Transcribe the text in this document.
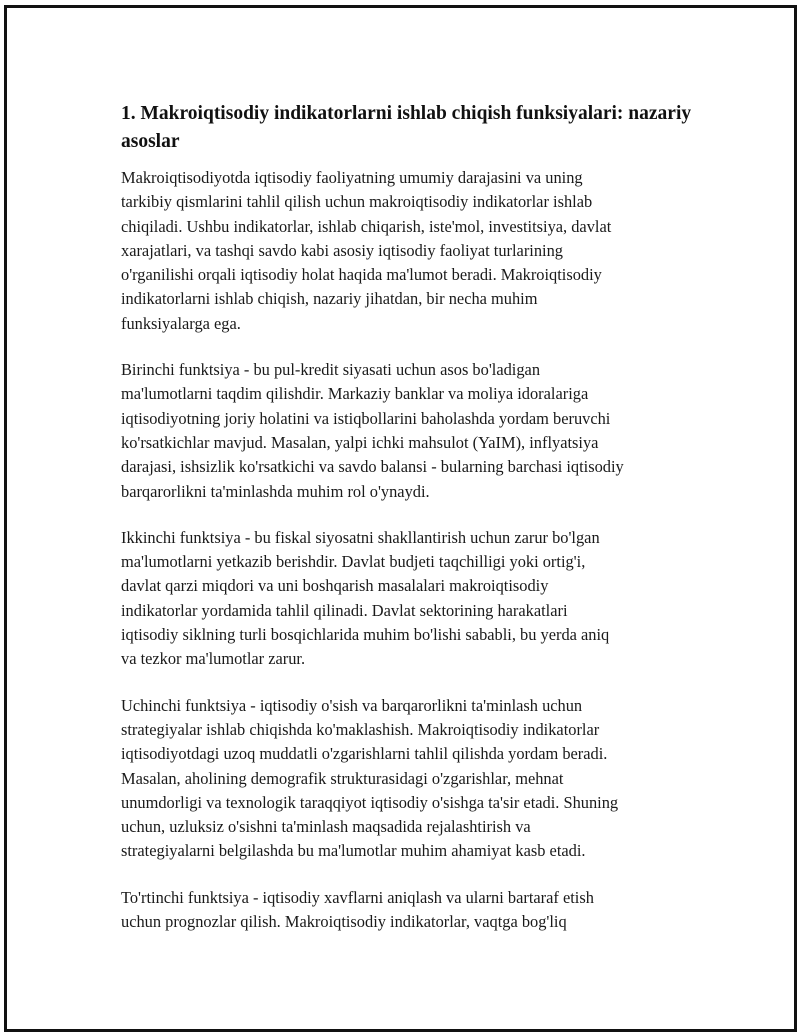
1. Makroiqtisodiy indikatorlarni ishlab chiqish funksiyalari: nazariy asoslar

Makroiqtisodiyotda iqtisodiy faoliyatning umumiy darajasini va uning
tarkibiy qismlarini tahlil qilish uchun makroiqtisodiy indikatorlar ishlab
chiqiladi. Ushbu indikatorlar, ishlab chiqarish, iste'mol, investitsiya, davlat
xarajatlari, va tashqi savdo kabi asosiy iqtisodiy faoliyat turlarining
o'rganilishi orqali iqtisodiy holat haqida ma'lumot beradi. Makroiqtisodiy
indikatorlarni ishlab chiqish, nazariy jihatdan, bir necha muhim
funksiyalarga ega.

Birinchi funktsiya - bu pul-kredit siyasati uchun asos bo'ladigan
ma'lumotlarni taqdim qilishdir. Markaziy banklar va moliya idoralariga
iqtisodiyotning joriy holatini va istiqbollarini baholashda yordam beruvchi
ko'rsatkichlar mavjud. Masalan, yalpi ichki mahsulot (YaIM), inflyatsiya
darajasi, ishsizlik ko'rsatkichi va savdo balansi - bularning barchasi iqtisodiy
barqarorlikni ta'minlashda muhim rol o'ynaydi.

Ikkinchi funktsiya - bu fiskal siyosatni shakllantirish uchun zarur bo'lgan
ma'lumotlarni yetkazib berishdir. Davlat budjeti taqchilligi yoki ortig'i,
davlat qarzi miqdori va uni boshqarish masalalari makroiqtisodiy
indikatorlar yordamida tahlil qilinadi. Davlat sektorining harakatlari
iqtisodiy siklning turli bosqichlarida muhim bo'lishi sababli, bu yerda aniq
va tezkor ma'lumotlar zarur.

Uchinchi funktsiya - iqtisodiy o'sish va barqarorlikni ta'minlash uchun
strategiyalar ishlab chiqishda ko'maklashish. Makroiqtisodiy indikatorlar
iqtisodiyotdagi uzoq muddatli o'zgarishlarni tahlil qilishda yordam beradi.
Masalan, aholining demografik strukturasidagi o'zgarishlar, mehnat
unumdorligi va texnologik taraqqiyot iqtisodiy o'sishga ta'sir etadi. Shuning
uchun, uzluksiz o'sishni ta'minlash maqsadida rejalashtirish va
strategiyalarni belgilashda bu ma'lumotlar muhim ahamiyat kasb etadi.

To'rtinchi funktsiya - iqtisodiy xavflarni aniqlash va ularni bartaraf etish
uchun prognozlar qilish. Makroiqtisodiy indikatorlar, vaqtga bog'liq
